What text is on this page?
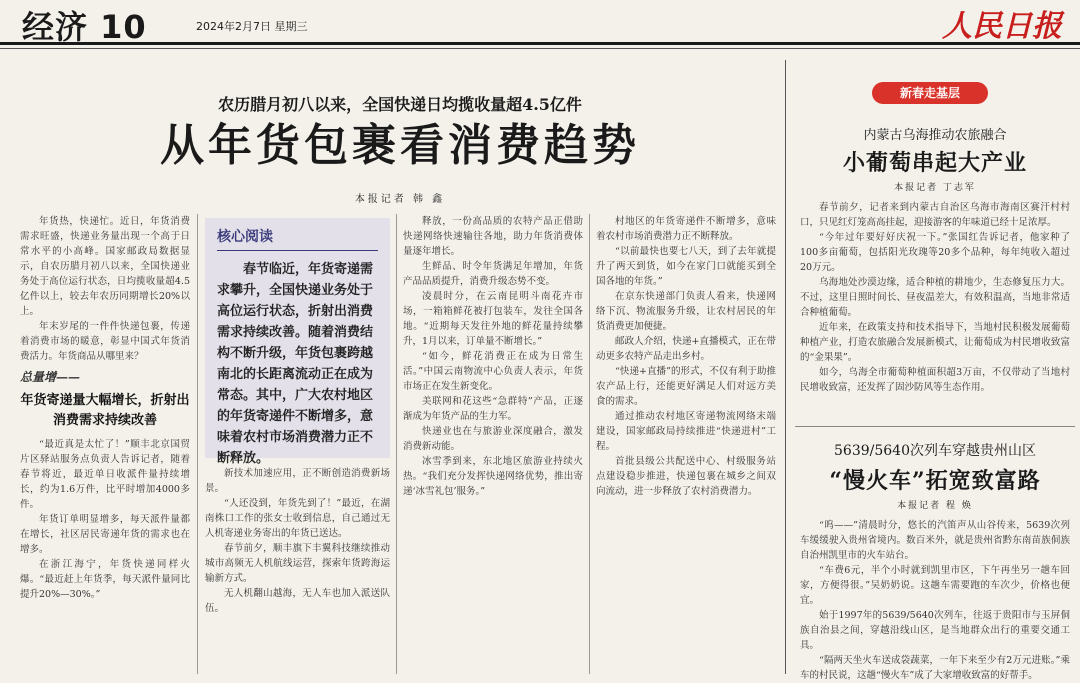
经济 10	2024年2月7日 星期三	人民日报
农历腊月初八以来，全国快递日均揽收量超4.5亿件
从年货包裹看消费趋势
本报记者 韩 鑫

年货热，快递忙。近日，年货消费需求旺盛，快递业务量出现一个高于日常水平的小高峰。国家邮政局数据显示，自农历腊月初八以来，全国快递业务处于高位运行状态，日均揽收量超4.5亿件以上，较去年农历同期增长20%以上。

年末岁尾的一件件快递包裹，传递着消费市场的暖意，彰显中国式年货消费活力。年货商品从哪里来？

总量增——
年货寄递量大幅增长，折射出消费需求持续改善

“最近真是太忙了！”顺丰北京国贸片区驿站服务点负责人告诉记者，随着春节将近，最近单日收派件量持续增长，约为1.6万件，比平时增加4000多件。

年货订单明显增多，每天派件量都在增长，社区居民寄递年货的需求也在增多。

在浙江海宁，年货快递同样火爆。“最近赶上年货季，每天派件量同比提升20%—30%。”

核心阅读
春节临近，年货寄递需求攀升，全国快递业务处于高位运行状态，折射出消费需求持续改善。随着消费结构不断升级，年货包裹跨越南北的长距离流动正在成为常态。其中，广大农村地区的年货寄递件不断增多，意味着农村市场消费潜力正不断释放。

新技术加速应用，正不断创造消费新场景。

“人还没到，年货先到了！”最近，在湖南株口工作的张女士收到信息，自己通过无人机寄递业务寄出的年货已送达。

春节前夕，顺丰旗下丰翼科技继续推动城市高频无人机航线运营，探索年货跨海运输新方式。

无人机翻山越海，无人车也加入派送队伍。

释放，一份高品质的农特产品正借助快递网络快速输往各地，助力年货消费体量逐年增长。

生鲜品、时令年货满足年增加，年货产品品质提升，消费升级态势不变。

凌晨时分，在云南昆明斗南花卉市场，一箱箱鲜花被打包装车，发往全国各地。“近期每天发往外地的鲜花量持续攀升，1月以来，订单量不断增长。”

“如今，鲜花消费正在成为日常生活。”中国云南物流中心负责人表示，年货市场正在发生新变化。

美联网和花这些“急群特”产品，正逐渐成为年货产品的生力军。

快递业也在与旅游业深度融合，激发消费新动能。

冰雪季到来，东北地区旅游业持续火热。“我们充分发挥快递网络优势，推出寄递‘冰雪礼包’服务。”

村地区的年货寄递件不断增多，意味着农村市场消费潜力正不断释放。

“以前最快也要七八天，到了去年就提升了两天到货，如今在家门口就能买到全国各地的年货。”

在京东快递部门负责人看来，快递网络下沉、物流服务升级，让农村居民的年货消费更加便捷。

邮政人介绍，快递+直播模式，正在带动更多农特产品走出乡村。

“快递+直播”的形式，不仅有利于助推农产品上行，还能更好满足人们对远方美食的需求。

通过推动农村地区寄递物流网络末端建设，国家邮政局持续推进“快递进村”工程。

首批县级公共配送中心、村级服务站点建设稳步推进，快递包裹在城乡之间双向流动，进一步释放了农村消费潜力。

新春走基层
内蒙古乌海推动农旅融合
小葡萄串起大产业
本报记者 丁志军

春节前夕，记者来到内蒙古自治区乌海市海南区赛汗村村口，只见红灯笼高高挂起，迎接游客的年味道已经十足浓厚。

“今年过年要好好庆祝一下。”张国红告诉记者，他家种了100多亩葡萄，包括阳光玫瑰等20多个品种，每年纯收入超过20万元。

乌海地处沙漠边缘，适合种植的耕地少，生态修复压力大。不过，这里日照时间长、昼夜温差大，有效积温高，当地非常适合种植葡萄。

近年来，在政策支持和技术指导下，当地村民积极发展葡萄种植产业，打造农旅融合发展新模式，让葡萄成为村民增收致富的“金果果”。

如今，乌海全市葡萄种植面积超3万亩，不仅带动了当地村民增收致富，还发挥了固沙防风等生态作用。

5639/5640次列车穿越贵州山区
“慢火车”拓宽致富路
本报记者 程 焕

“呜——”清晨时分，悠长的汽笛声从山谷传来，5639次列车缓缓驶入贵州省境内。数百米外，就是贵州省黔东南苗族侗族自治州凯里市的火车站台。

“车费6元，半个小时就到凯里市区，下午再坐另一趟车回家，方便得很。”吴奶奶说。这趟车需要跑的车次少，价格也便宜。

始于1997年的5639/5640次列车，往返于贵阳市与玉屏侗族自治县之间，穿越沿线山区，是当地群众出行的重要交通工具。

“隔两天坐火车送成袋蔬菜，一年下来至少有2万元进账。”乘车的村民说，这趟“慢火车”成了大家增收致富的好帮手。
